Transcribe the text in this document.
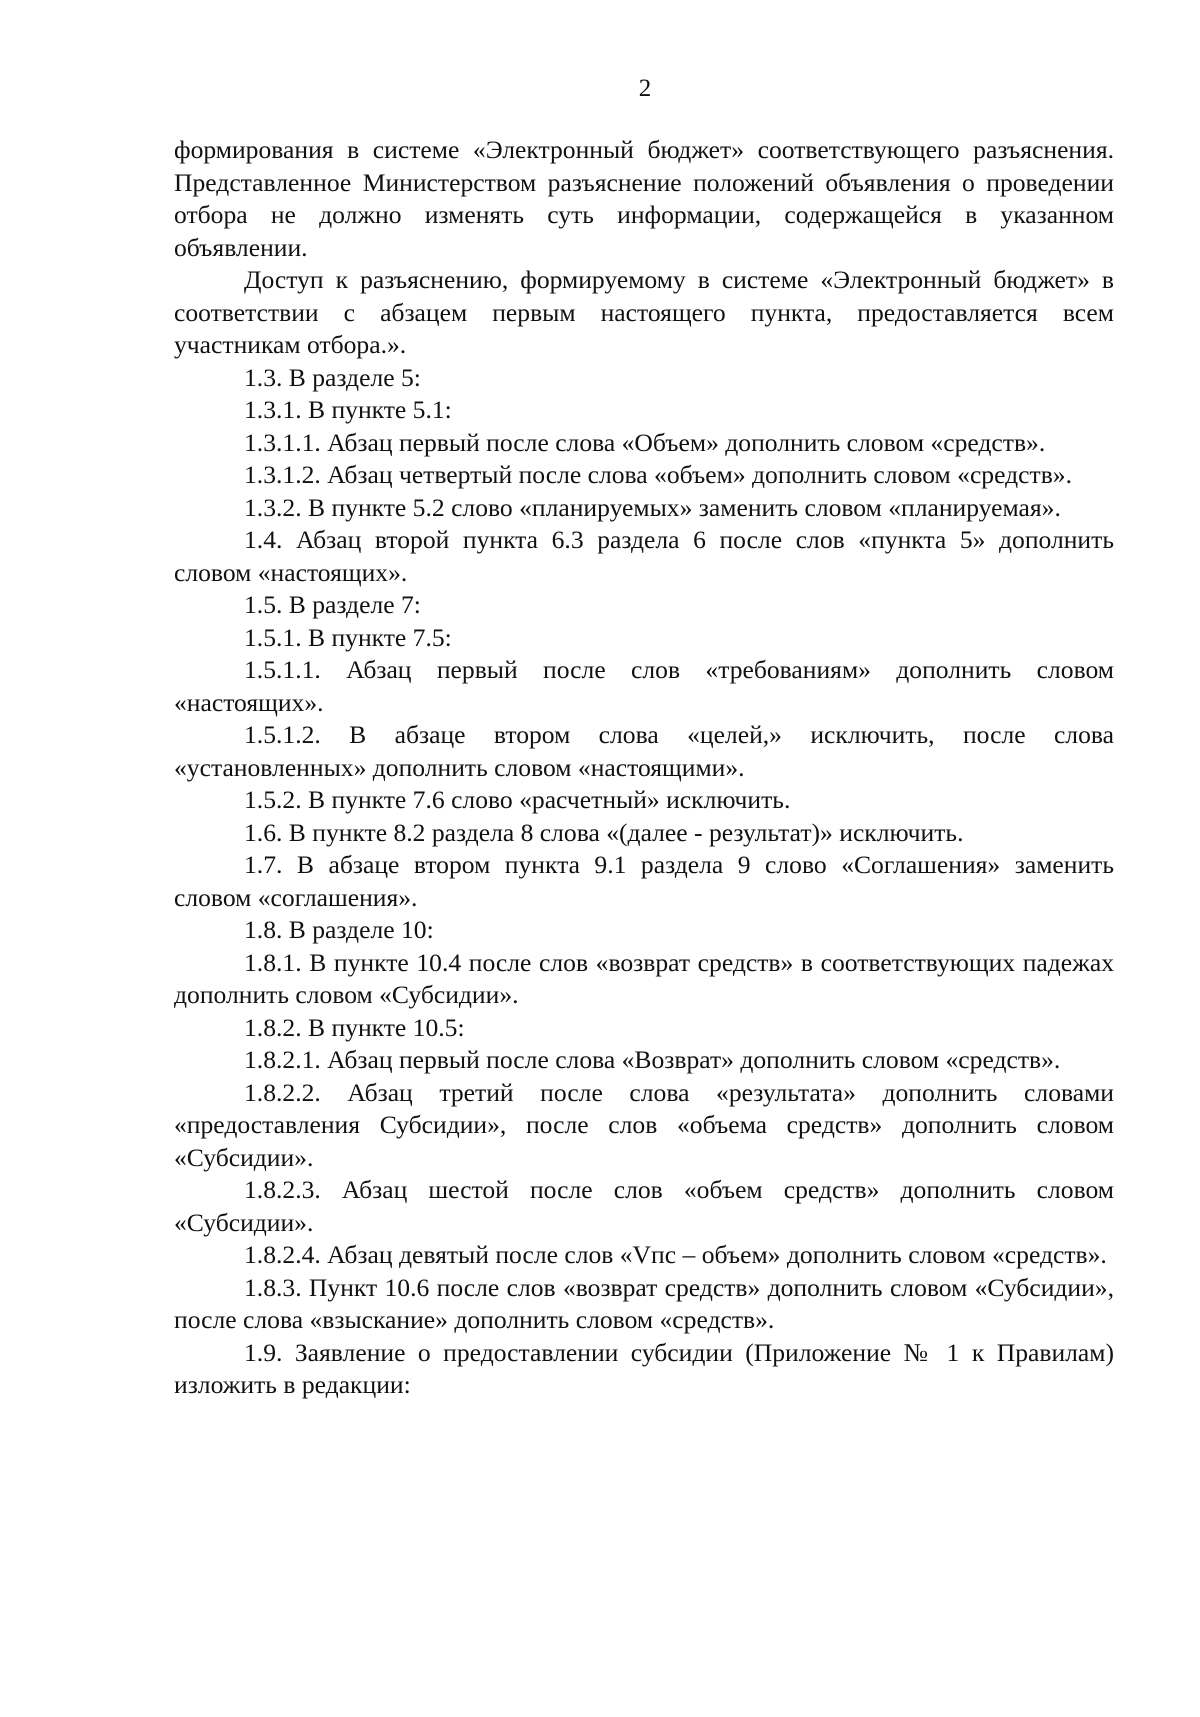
2

формирования в системе «Электронный бюджет» соответствующего разъяснения. Представленное Министерством разъяснение положений объявления о проведении отбора не должно изменять суть информации, содержащейся в указанном объявлении.

Доступ к разъяснению, формируемому в системе «Электронный бюджет» в соответствии с абзацем первым настоящего пункта, предоставляется всем участникам отбора.».

1.3. В разделе 5:

1.3.1. В пункте 5.1:

1.3.1.1. Абзац первый после слова «Объем» дополнить словом «средств».

1.3.1.2. Абзац четвертый после слова «объем» дополнить словом «средств».

1.3.2. В пункте 5.2 слово «планируемых» заменить словом «планируемая».

1.4. Абзац второй пункта 6.3 раздела 6 после слов «пункта 5» дополнить словом «настоящих».

1.5. В разделе 7:

1.5.1. В пункте 7.5:

1.5.1.1. Абзац первый после слов «требованиям» дополнить словом «настоящих».

1.5.1.2. В абзаце втором слова «целей,» исключить, после слова «установленных» дополнить словом «настоящими».

1.5.2. В пункте 7.6 слово «расчетный» исключить.

1.6. В пункте 8.2 раздела 8 слова «(далее - результат)» исключить.

1.7. В абзаце втором пункта 9.1 раздела 9 слово «Соглашения» заменить словом «соглашения».

1.8. В разделе 10:

1.8.1. В пункте 10.4 после слов «возврат средств» в соответствующих падежах дополнить словом «Субсидии».

1.8.2. В пункте 10.5:

1.8.2.1. Абзац первый после слова «Возврат» дополнить словом «средств».

1.8.2.2. Абзац третий после слова «результата» дополнить словами «предоставления Субсидии», после слов «объема средств» дополнить словом «Субсидии».

1.8.2.3. Абзац шестой после слов «объем средств» дополнить словом «Субсидии».

1.8.2.4. Абзац девятый после слов «Vпс – объем» дополнить словом «средств».

1.8.3. Пункт 10.6 после слов «возврат средств» дополнить словом «Субсидии», после слова «взыскание» дополнить словом «средств».

1.9. Заявление о предоставлении субсидии (Приложение № 1 к Правилам) изложить в редакции:
